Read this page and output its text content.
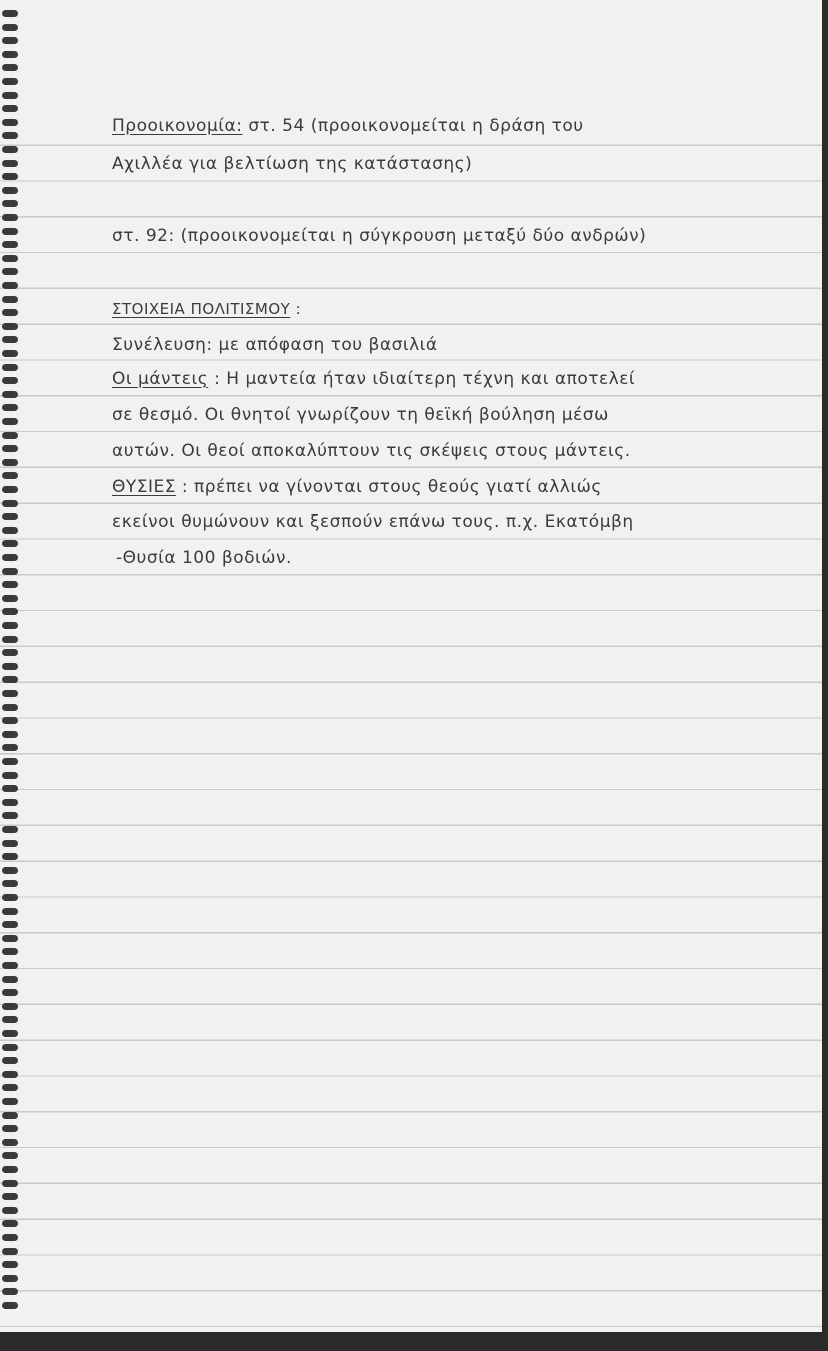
Προοικονομία: στ. 54 (προοικονομείται η δράση του
Αχιλλέα για βελτίωση της κατάστασης)
στ. 92: (προοικονομείται η σύγκρουση μεταξύ δύο ανδρών)
ΣΤΟΙΧΕΙΑ ΠΟΛΙΤΙΣΜΟΥ :
Συνέλευση: με απόφαση του βασιλιά
Οι μάντεις : Η μαντεία ήταν ιδιαίτερη τέχνη και αποτελεί
σε θεσμό. Οι θνητοί γνωρίζουν τη θεϊκή βούληση μέσω
αυτών. Οι θεοί αποκαλύπτουν τις σκέψεις στους μάντεις.
ΘΥΣΙΕΣ : πρέπει να γίνονται στους θεούς γιατί αλλιώς
εκείνοι θυμώνουν και ξεσπούν επάνω τους. π.χ. Εκατόμβη
-Θυσία 100 βοδιών.
